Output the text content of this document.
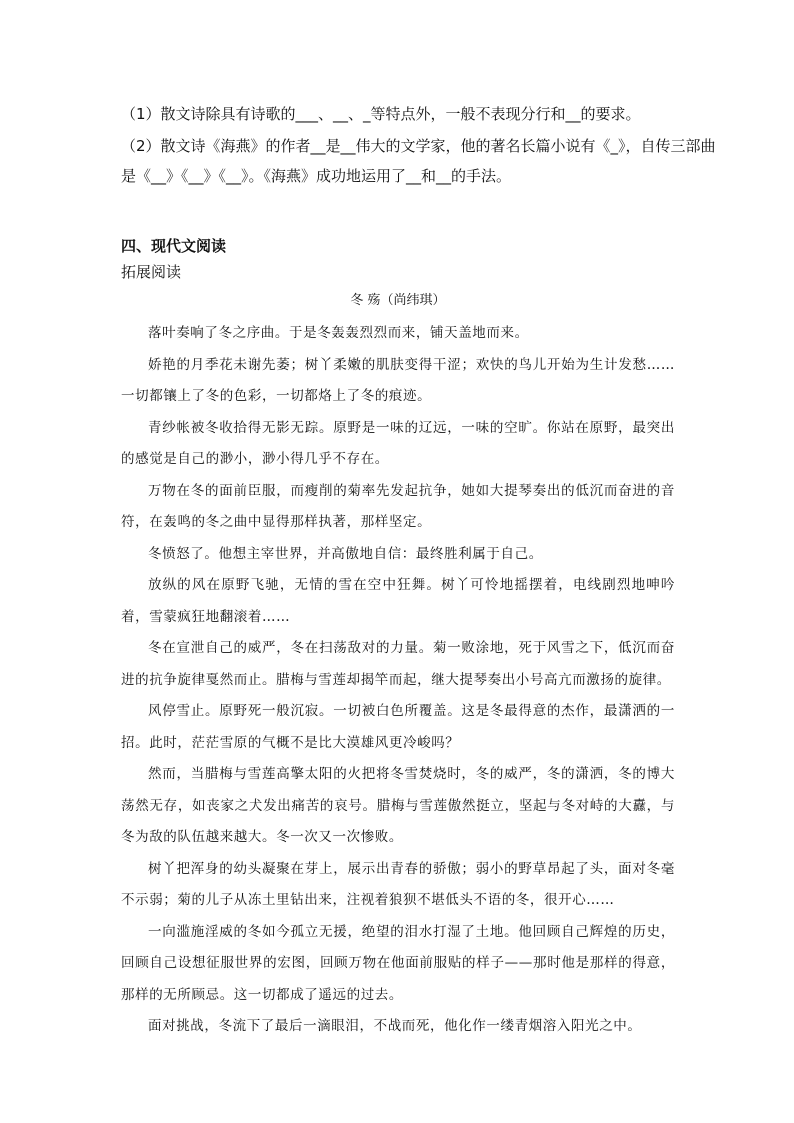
（1）散文诗除具有诗歌的___、__、_等特点外，一般不表现分行和__的要求。
（2）散文诗《海燕》的作者__是__伟大的文学家，他的著名长篇小说有《_》，自传三部曲
是《__》《__》《__》。《海燕》成功地运用了__和__的手法。
四、现代文阅读
拓展阅读
冬 殇（尚纬琪）

落叶奏响了冬之序曲。于是冬轰轰烈烈而来，铺天盖地而来。

娇艳的月季花未谢先萎；树丫柔嫩的肌肤变得干涩；欢快的鸟儿开始为生计发愁……一切都镶上了冬的色彩，一切都烙上了冬的痕迹。

青纱帐被冬收拾得无影无踪。原野是一味的辽远，一味的空旷。你站在原野，最突出的感觉是自己的渺小，渺小得几乎不存在。

万物在冬的面前臣服，而瘦削的菊率先发起抗争，她如大提琴奏出的低沉而奋进的音符，在轰鸣的冬之曲中显得那样执著，那样坚定。

冬愤怒了。他想主宰世界，并高傲地自信：最终胜利属于自己。

放纵的风在原野飞驰，无情的雪在空中狂舞。树丫可怜地摇摆着，电线剧烈地呻吟着，雪蒙疯狂地翻滚着……

冬在宣泄自己的威严，冬在扫荡敌对的力量。菊一败涂地，死于风雪之下，低沉而奋进的抗争旋律戛然而止。腊梅与雪莲却揭竿而起，继大提琴奏出小号高亢而激扬的旋律。

风停雪止。原野死一般沉寂。一切被白色所覆盖。这是冬最得意的杰作，最潇洒的一招。此时，茫茫雪原的气概不是比大漠雄风更冷峻吗？

然而，当腊梅与雪莲高擎太阳的火把将冬雪焚烧时，冬的威严，冬的潇洒，冬的博大荡然无存，如丧家之犬发出痛苦的哀号。腊梅与雪莲傲然挺立，坚起与冬对峙的大纛，与冬为敌的队伍越来越大。冬一次又一次惨败。

树丫把浑身的幼头凝聚在芽上，展示出青春的骄傲；弱小的野草昂起了头，面对冬毫不示弱；菊的儿子从冻土里钻出来，注视着狼狈不堪低头不语的冬，很开心……

一向滥施淫威的冬如今孤立无援，绝望的泪水打湿了土地。他回顾自己辉煌的历史，回顾自己设想征服世界的宏图，回顾万物在他面前服贴的样子——那时他是那样的得意，那样的无所顾忌。这一切都成了遥远的过去。

面对挑战，冬流下了最后一滴眼泪，不战而死，他化作一缕青烟溶入阳光之中。
